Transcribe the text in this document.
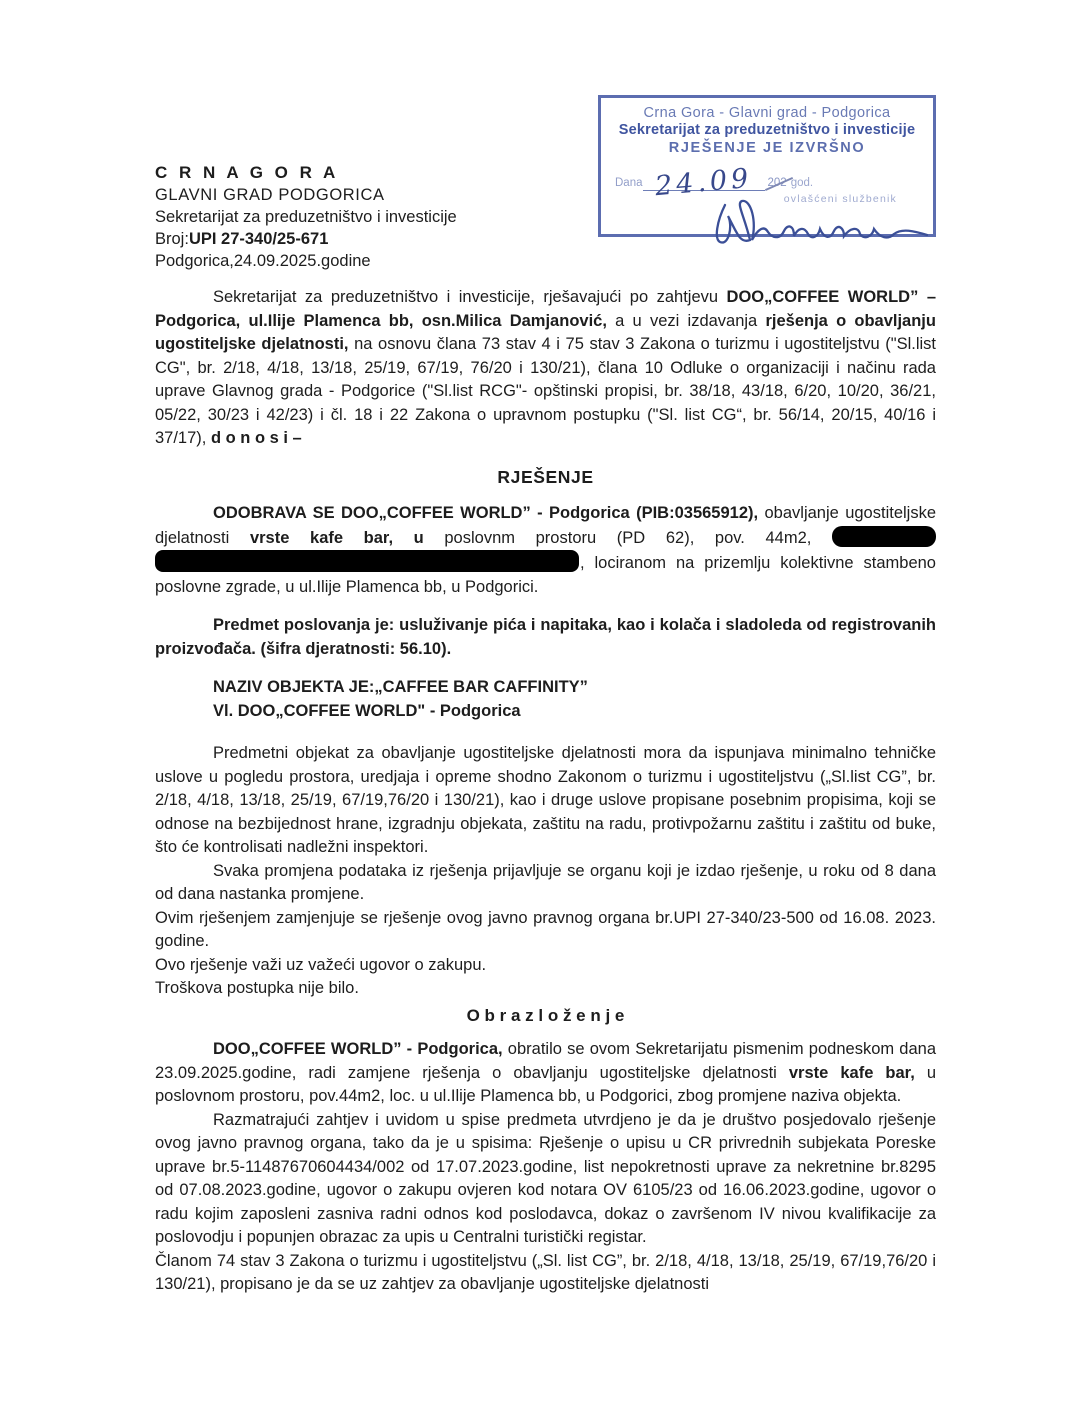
C R N A G O R A
GLAVNI GRAD PODGORICA
Sekretarijat za preduzetništvo i investicije
Broj:UPI 27-340/25-671
Podgorica,24.09.2025.godine
Crna Gora - Glavni grad - Podgorica
Sekretarijat za preduzetništvo i investicije
RJEŠENJE JE IZVRŠNO
Dana 24.09	202 god.
ovlašćeni službenik

Sekretarijat za preduzetništvo i investicije, rješavajući po zahtjevu DOO„COFFEE WORLD” – Podgorica, ul.Ilije Plamenca bb, osn.Milica Damjanović, a u vezi izdavanja rješenja o obavljanju ugostiteljske djelatnosti, na osnovu člana 73 stav 4 i 75 stav 3 Zakona o turizmu i ugostiteljstvu ("Sl.list CG", br. 2/18, 4/18, 13/18, 25/19, 67/19, 76/20 i 130/21), člana 10 Odluke o organizaciji i načinu rada uprave Glavnog grada - Podgorice ("Sl.list RCG"- opštinski propisi, br. 38/18, 43/18, 6/20, 10/20, 36/21, 05/22, 30/23 i 42/23) i čl. 18 i 22 Zakona o upravnom postupku ("Sl. list CG“, br. 56/14, 20/15, 40/16 i 37/17), d o n o s i –

RJEŠENJE

ODOBRAVA SE DOO„COFFEE WORLD” - Podgorica (PIB:03565912), obavljanje ugostiteljske djelatnosti vrste kafe bar, u poslovnm prostoru (PD 62), pov. 44m2,  , lociranom na prizemlju kolektivne stambeno poslovne zgrade, u ul.Ilije Plamenca bb, u Podgorici.

Predmet poslovanja je: usluživanje pića i napitaka, kao i kolača i sladoleda od registrovanih proizvođača. (šifra djeratnosti: 56.10).

NAZIV OBJEKTA JE:„CAFFEE BAR CAFFINITY”
Vl. DOO„COFFEE WORLD" - Podgorica

Predmetni objekat za obavljanje ugostiteljske djelatnosti mora da ispunjava minimalno tehničke uslove u pogledu prostora, uredjaja i opreme shodno Zakonom o turizmu i ugostiteljstvu („Sl.list CG”, br. 2/18, 4/18, 13/18, 25/19, 67/19,76/20 i 130/21), kao i druge uslove propisane posebnim propisima, koji se odnose na bezbijednost hrane, izgradnju objekata, zaštitu na radu, protivpožarnu zaštitu i zaštitu od buke, što će kontrolisati nadležni inspektori.

Svaka promjena podataka iz rješenja prijavljuje se organu koji je izdao rješenje, u roku od 8 dana od dana nastanka promjene.

Ovim rješenjem zamjenjuje se rješenje ovog javno pravnog organa br.UPI 27-340/23-500 od 16.08. 2023. godine.

Ovo rješenje važi uz važeći ugovor o zakupu.

Troškova postupka nije bilo.

O b r a z l o ž e n j e

DOO„COFFEE WORLD” - Podgorica, obratilo se ovom Sekretarijatu pismenim podneskom dana 23.09.2025.godine, radi zamjene rješenja o obavljanju ugostiteljske djelatnosti vrste kafe bar, u poslovnom prostoru, pov.44m2, loc. u ul.Ilije Plamenca bb, u Podgorici, zbog promjene naziva objekta.

Razmatrajući zahtjev i uvidom u spise predmeta utvrdjeno je da je društvo posjedovalo rješenje ovog javno pravnog organa, tako da je u spisima: Rješenje o upisu u CR privrednih subjekata Poreske uprave br.5-11487670604434/002 od 17.07.2023.godine, list nepokretnosti uprave za nekretnine br.8295 od 07.08.2023.godine, ugovor o zakupu ovjeren kod notara OV 6105/23 od 16.06.2023.godine, ugovor o radu kojim zaposleni zasniva radni odnos kod poslodavca, dokaz o završenom IV nivou kvalifikacije za poslovodju i popunjen obrazac za upis u Centralni turistički registar.

Članom 74 stav 3 Zakona o turizmu i ugostiteljstvu („Sl. list CG”, br. 2/18, 4/18, 13/18, 25/19, 67/19,76/20 i 130/21), propisano je da se uz zahtjev za obavljanje ugostiteljske djelatnosti
